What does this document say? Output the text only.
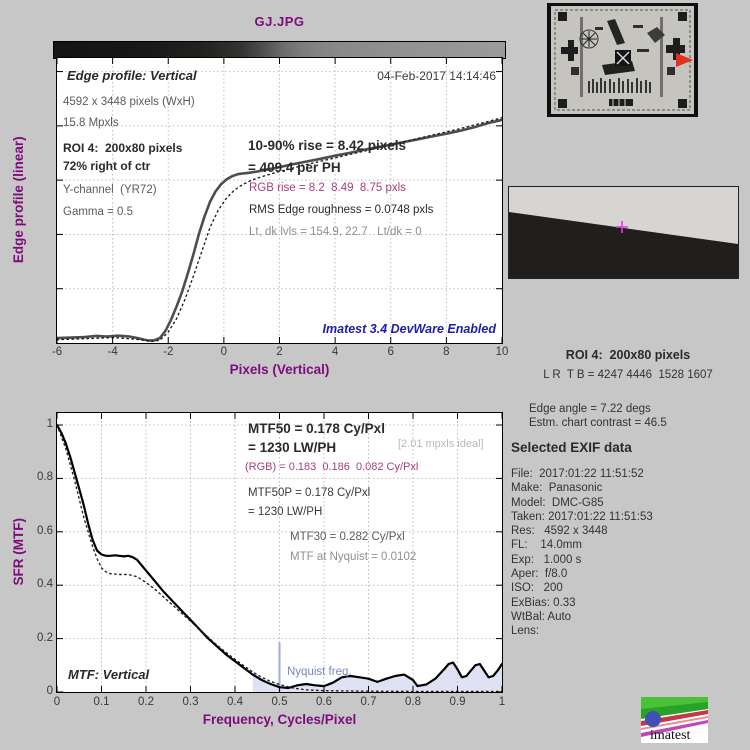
GJ.JPG
Edge profile: Vertical	04-Feb-2017 14:14:46
4592 x 3448 pixels (WxH)
15.8 Mpxls
ROI 4:  200x80 pixels
72% right of ctr
Y-channel  (YR72)
Gamma = 0.5
10-90% rise = 8.42 pixels
= 409.4 per PH
RGB rise = 8.2  8.49  8.75 pxls
RMS Edge roughness = 0.0748 pxls
Lt, dk lvls = 154.9, 22.7   Lt/dk = 0
Imatest 3.4 DevWare Enabled
Pixels (Vertical)
Edge profile (linear)
MTF50 = 0.178 Cy/Pxl
= 1230 LW/PH	[2.01 mpxls ideal]
(RGB) = 0.183  0.186  0.082 Cy/Pxl
MTF50P = 0.178 Cy/Pxl
= 1230 LW/PH
MTF30 = 0.282 Cy/Pxl
MTF at Nyquist = 0.0102
MTF: Vertical	Nyquist freq.
Frequency, Cycles/Pixel
SFR (MTF)
ROI 4:  200x80 pixels
L R  T B = 4247 4446  1528 1607
Edge angle = 7.22 degs
Estm. chart contrast = 46.5
Selected EXIF data
File:  2017:01:22 11:51:52
Make:  Panasonic
Model:  DMC-G85
Taken: 2017:01:22 11:51:53
Res:   4592 x 3448
FL:    14.0mm
Exp:   1.000 s
Aper:  f/8.0
ISO:   200
ExBias: 0.33
WtBal: Auto
Lens:
imatest
-6	-4	-2	0	2	4	6	8	10
0	0.1	0.2	0.3	0.4	0.5	0.6	0.7	0.8	0.9	1
0
0.2
0.4
0.6
0.8
1
